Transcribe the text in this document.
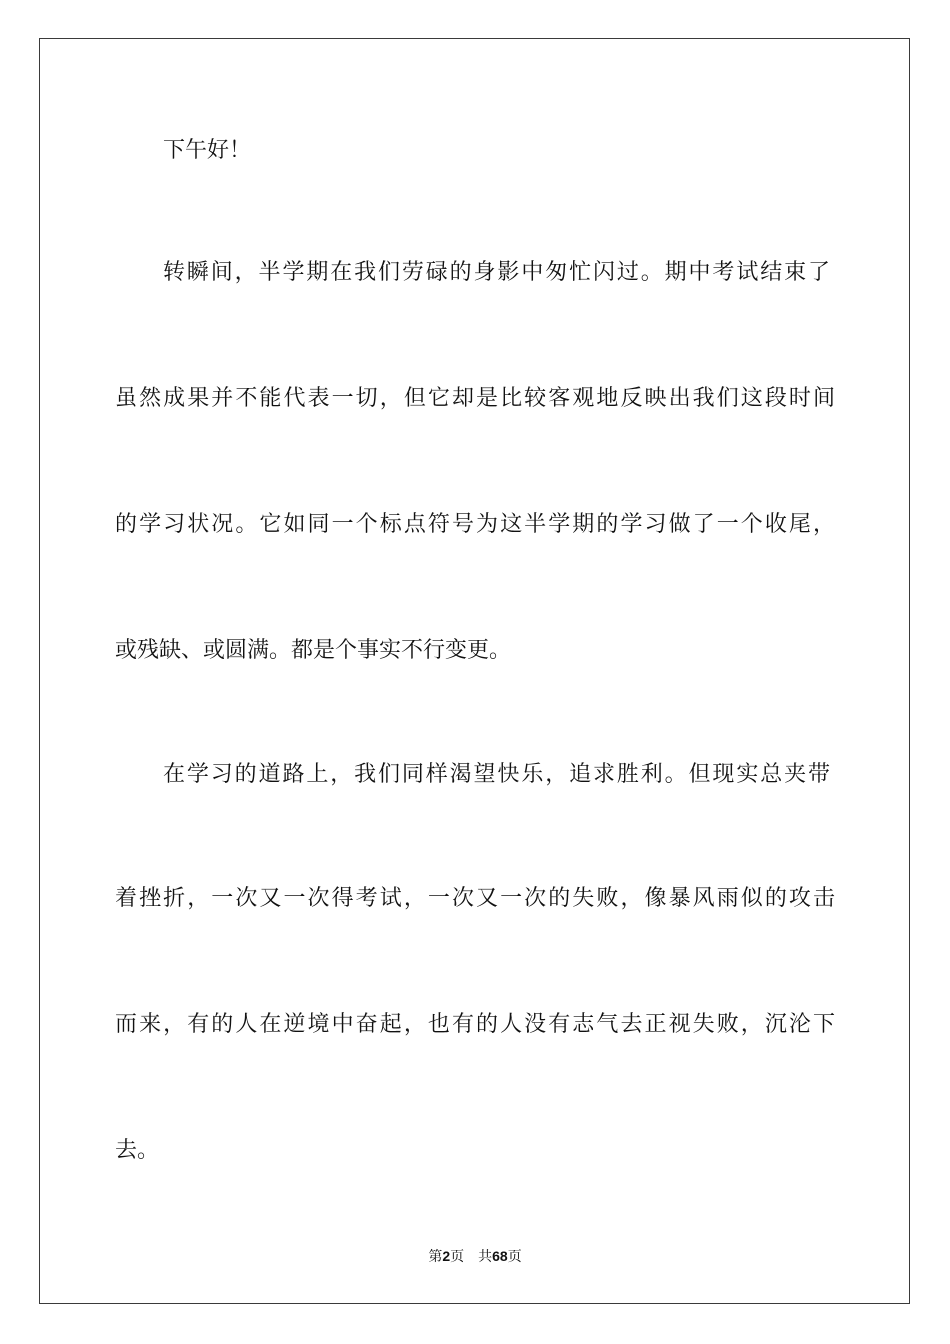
下午好！
转瞬间，半学期在我们劳碌的身影中匆忙闪过。期中考试结束了
虽然成果并不能代表一切，但它却是比较客观地反映出我们这段时间
的学习状况。它如同一个标点符号为这半学期的学习做了一个收尾，
或残缺、或圆满。都是个事实不行变更。
在学习的道路上，我们同样渴望快乐，追求胜利。但现实总夹带
着挫折，一次又一次得考试，一次又一次的失败，像暴风雨似的攻击
而来，有的人在逆境中奋起，也有的人没有志气去正视失败，沉沦下
去。
第2页 共68页
